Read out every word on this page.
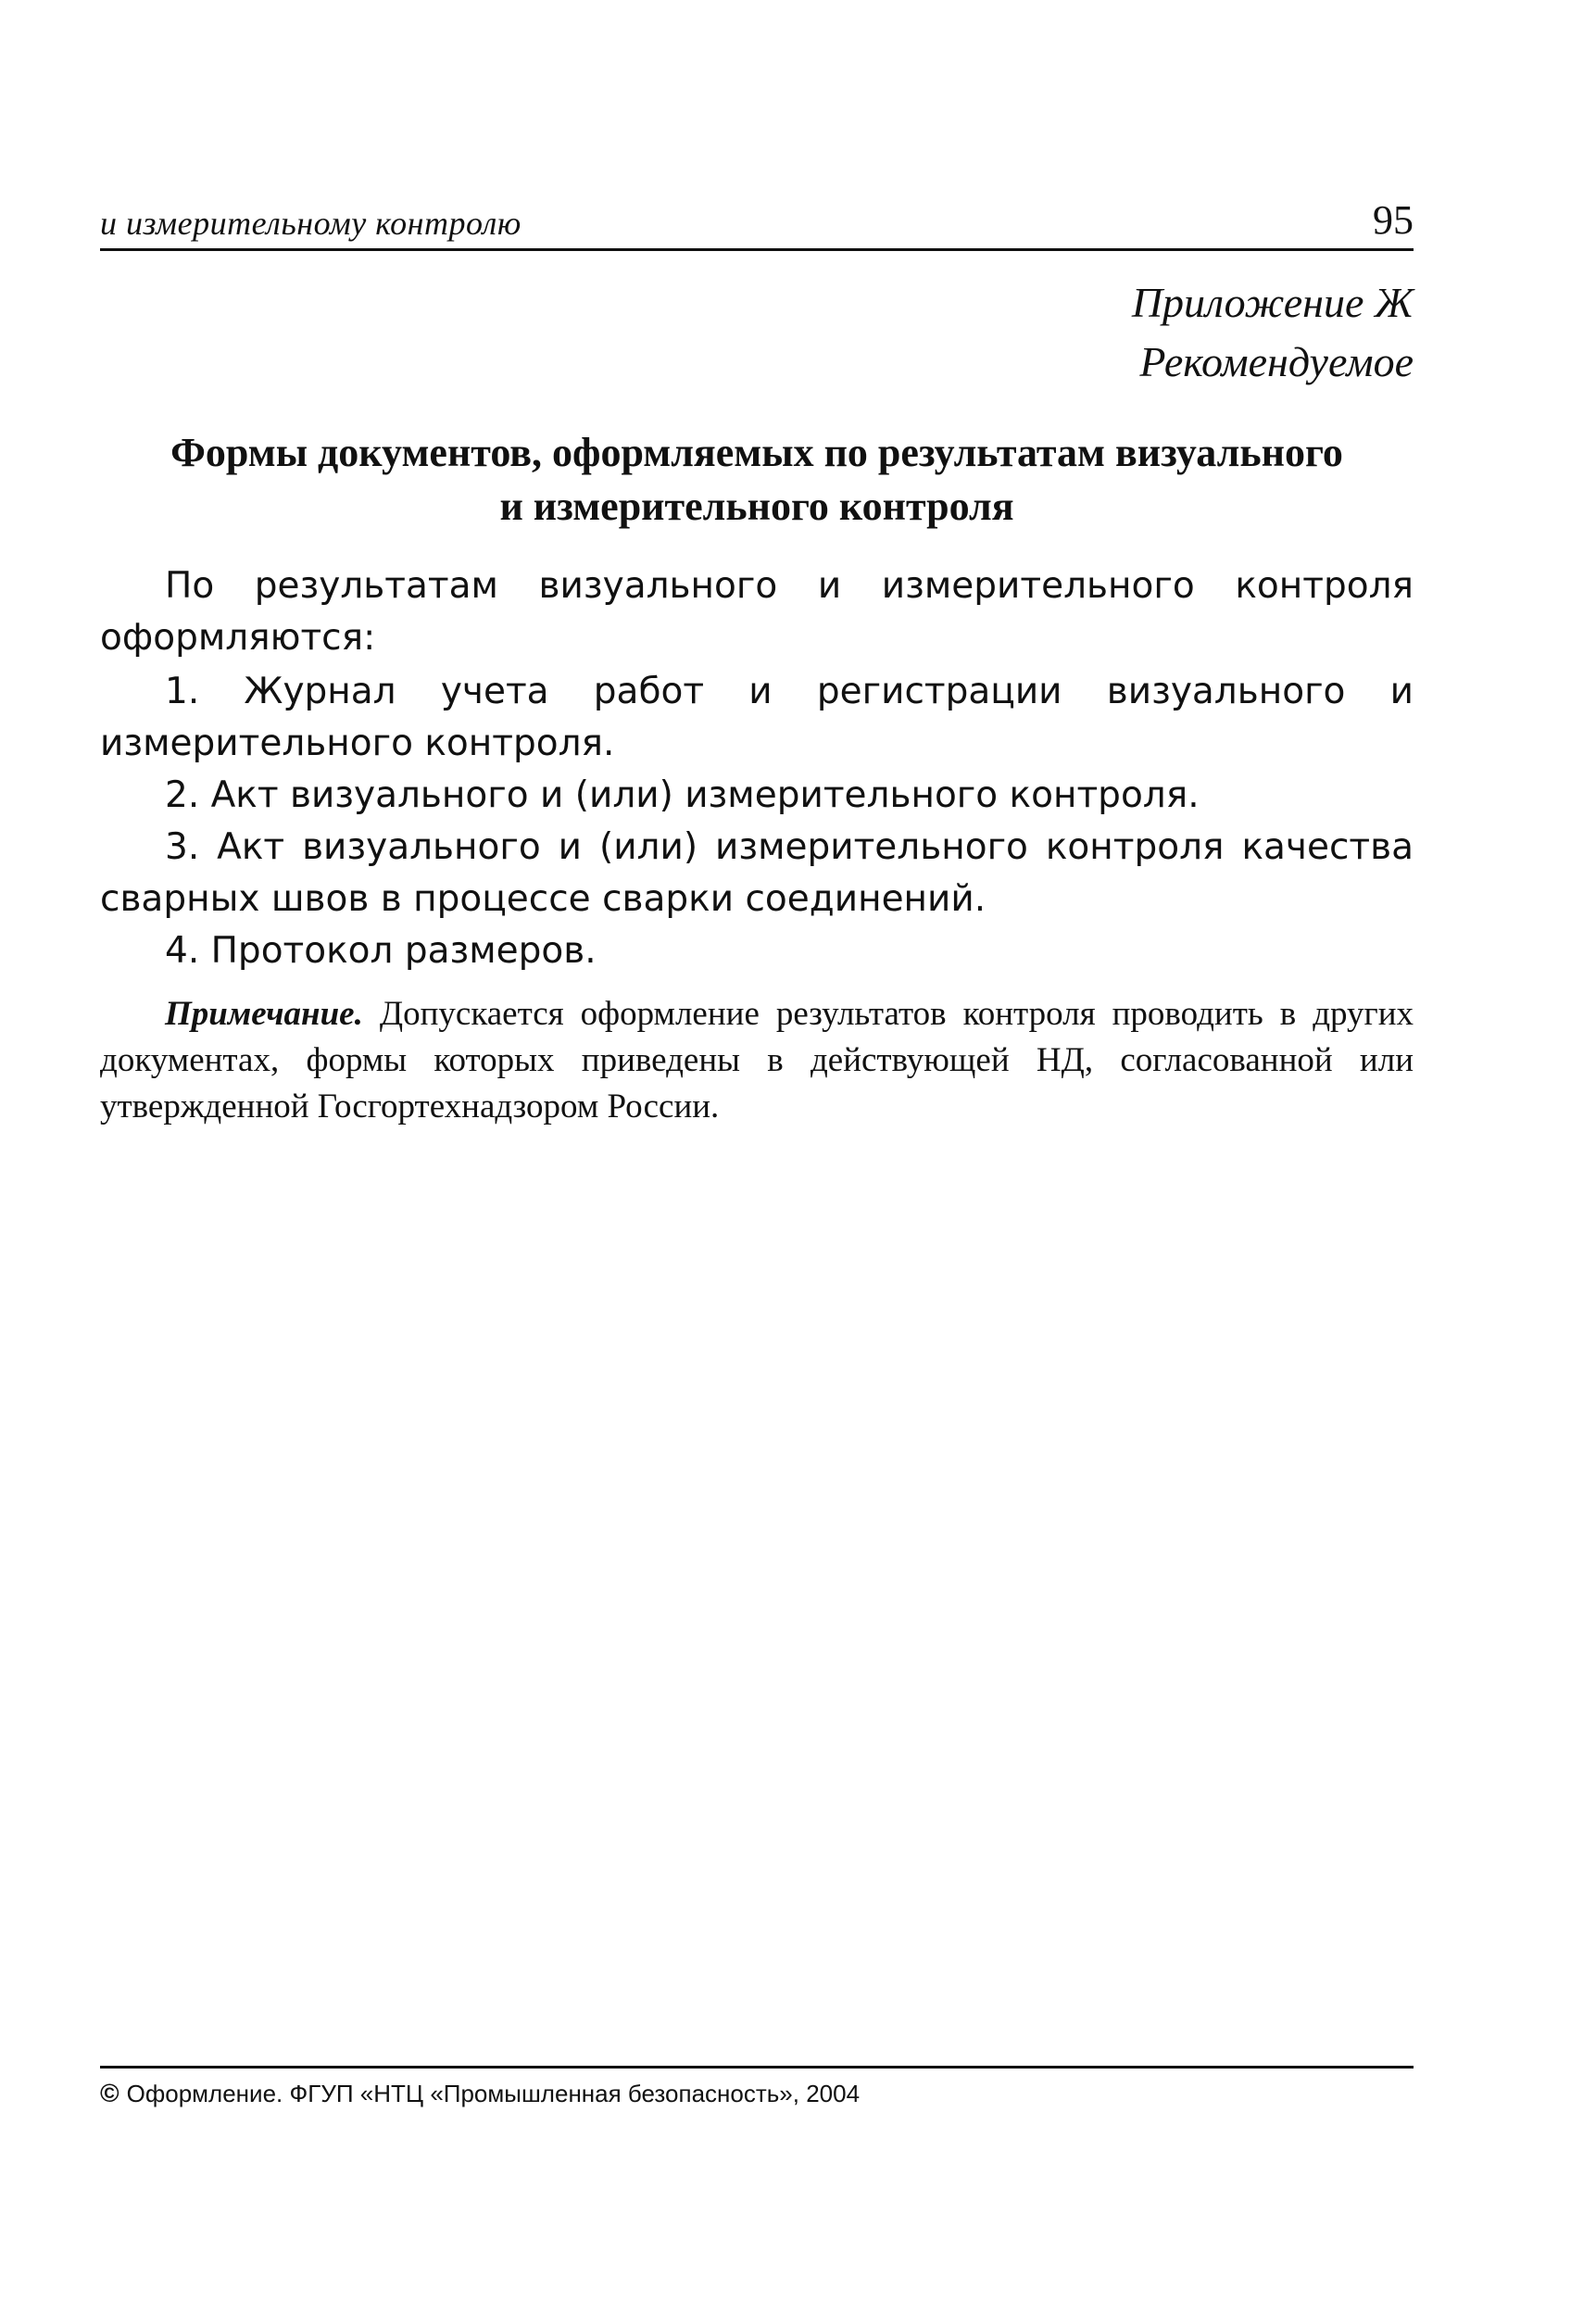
и измерительному контролю	95
Приложение Ж
Рекомендуемое
Формы документов, оформляемых по результатам визуального
и измерительного контроля

По результатам визуального и измерительного контроля оформляются:

1. Журнал учета работ и регистрации визуального и измерительного контроля.

2. Акт визуального и (или) измерительного контроля.

3. Акт визуального и (или) измерительного контроля качества сварных швов в процессе сварки соединений.

4. Протокол размеров.

Примечание. Допускается оформление результатов контроля проводить в других документах, формы которых приведены в действующей НД, согласованной или утвержденной Госгортехнадзором России.
© Оформление. ФГУП «НТЦ «Промышленная безопасность», 2004
